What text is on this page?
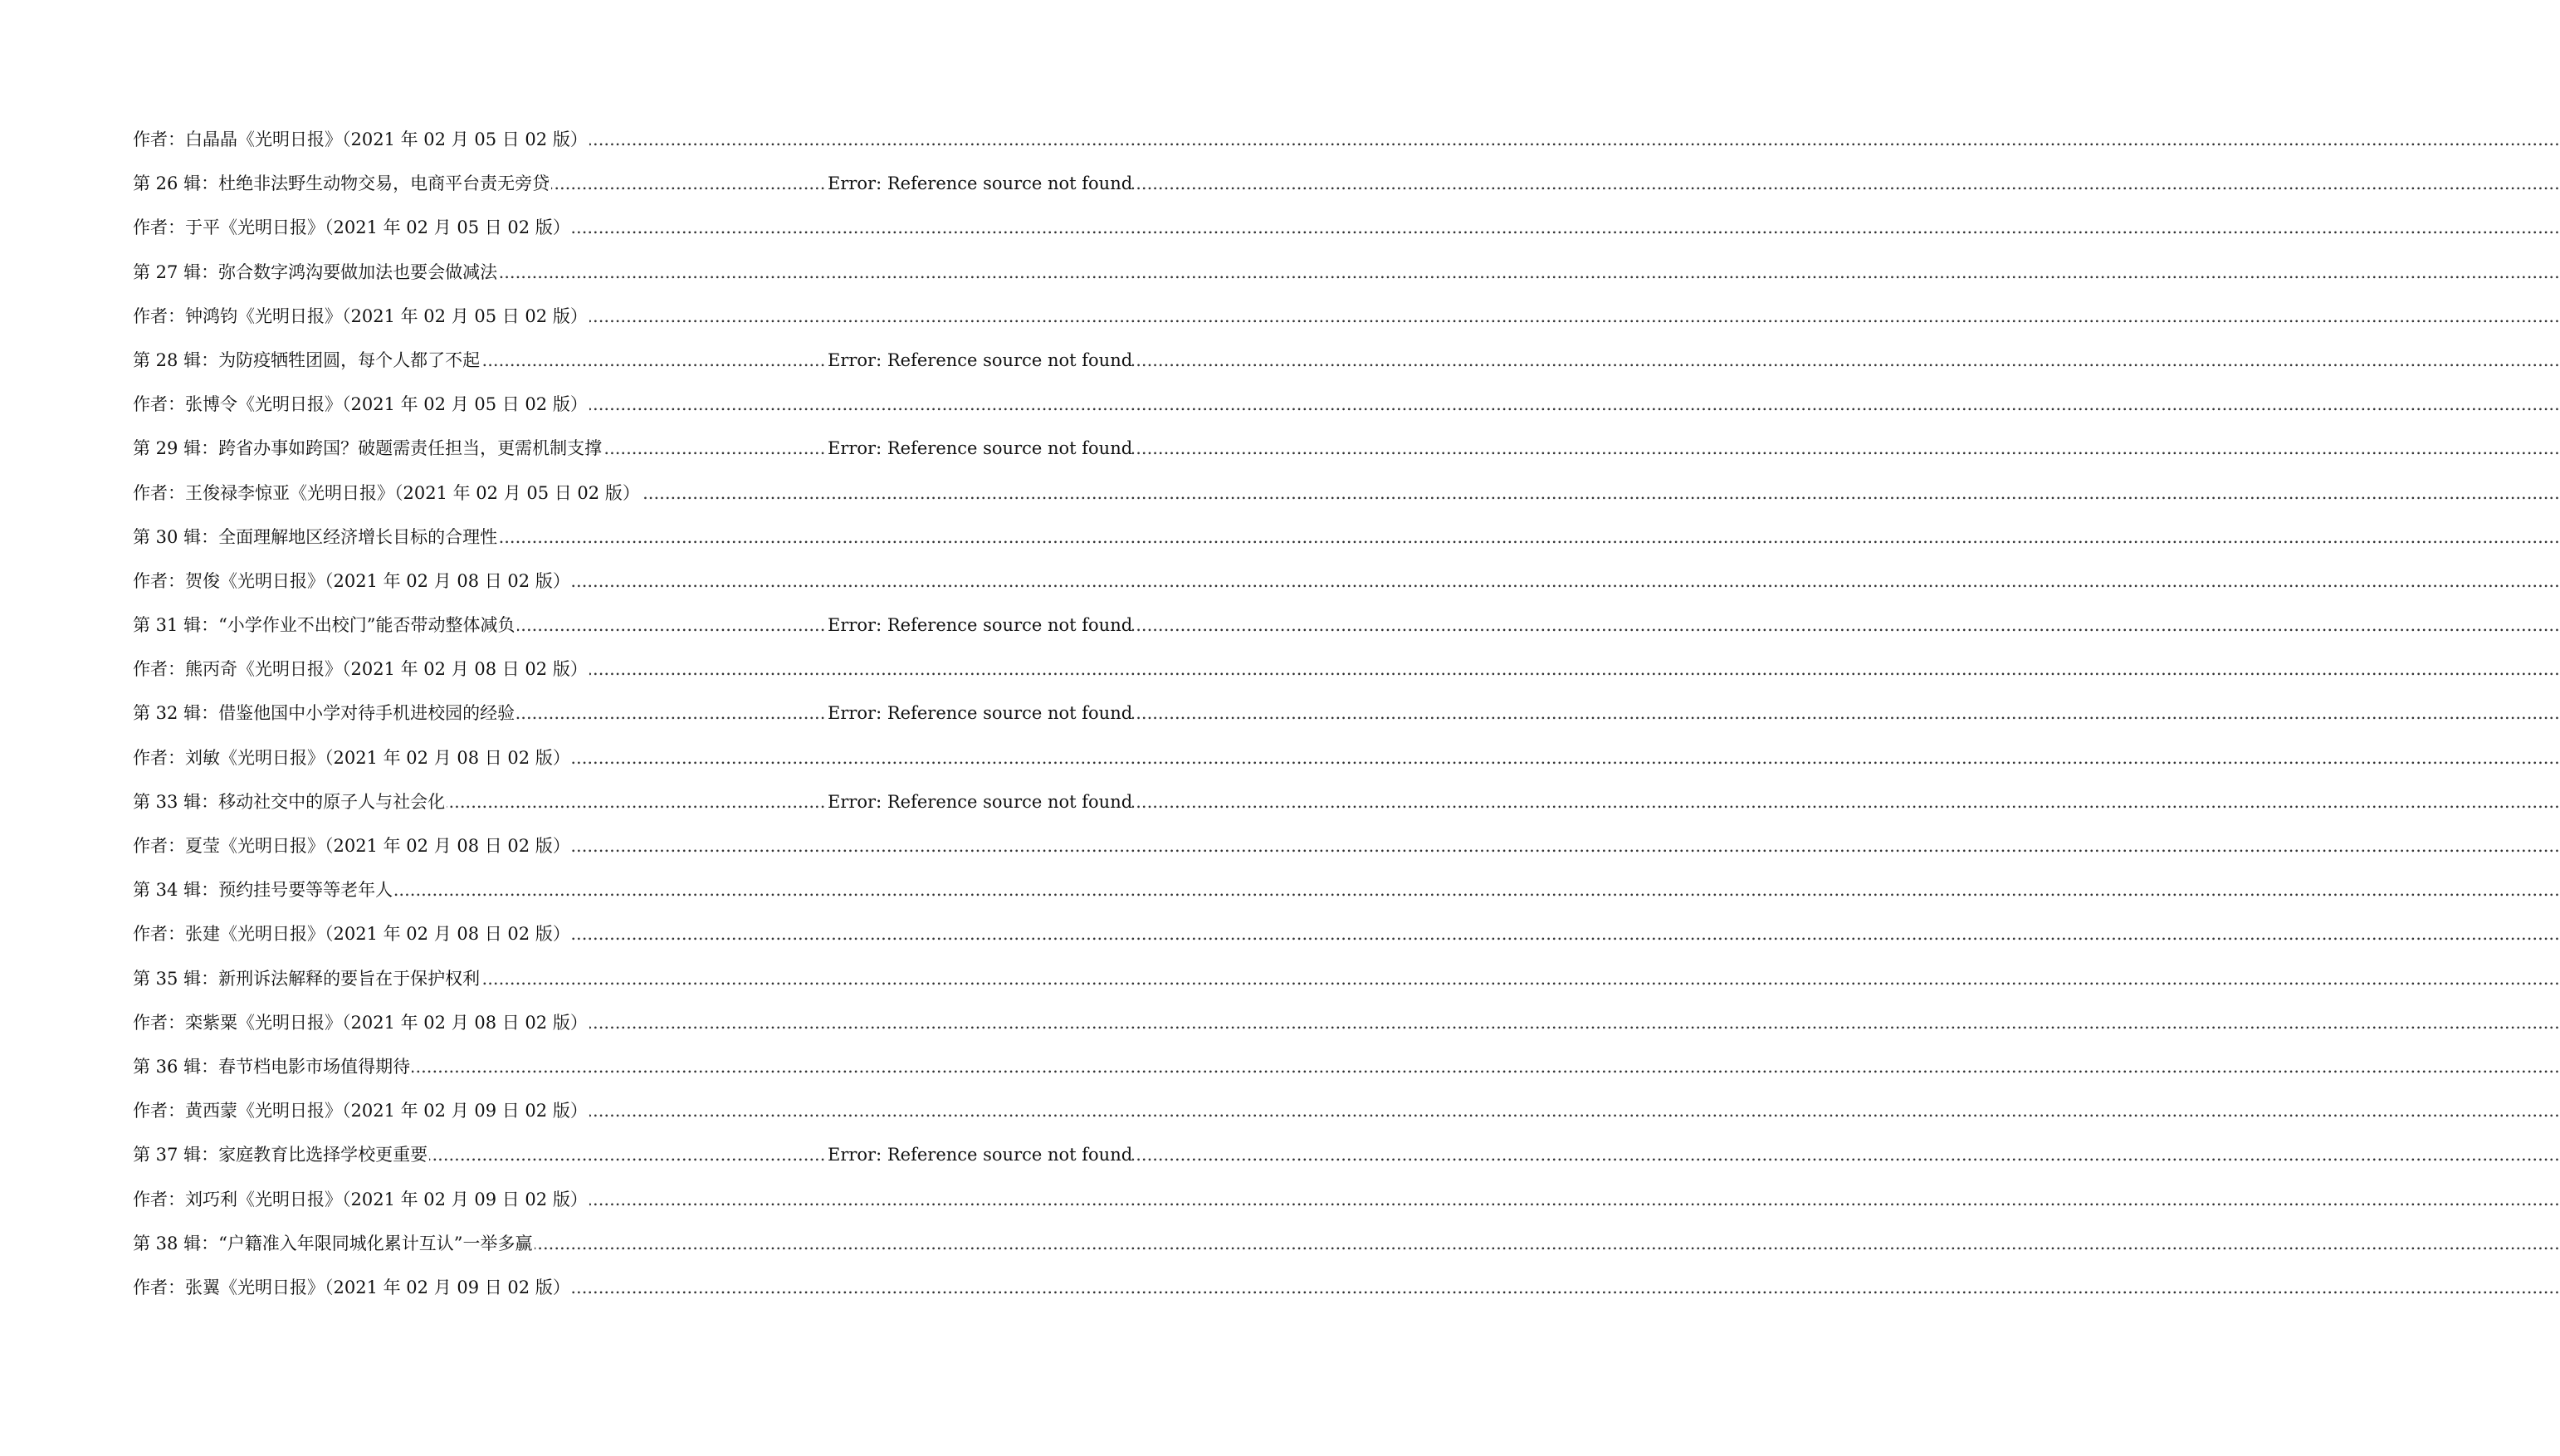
.....
作者：白晶晶《光明日报》（2021 年 02 月 05 日 02 版）
.....
第 26 辑：杜绝非法野生动物交易，电商平台责无旁贷	Error: Reference source not found
.....
作者：于平《光明日报》（2021 年 02 月 05 日 02 版）
.....
第 27 辑：弥合数字鸿沟要做加法也要会做减法
.....
作者：钟鸿钧《光明日报》（2021 年 02 月 05 日 02 版）
.....
第 28 辑：为防疫牺牲团圆，每个人都了不起	Error: Reference source not found
.....
作者：张博令《光明日报》（2021 年 02 月 05 日 02 版）
.....
第 29 辑：跨省办事如跨国？破题需责任担当，更需机制支撑	Error: Reference source not found
.....
作者：王俊禄李惊亚《光明日报》（2021 年 02 月 05 日 02 版）
.....
第 30 辑：全面理解地区经济增长目标的合理性
.....
作者：贺俊《光明日报》（2021 年 02 月 08 日 02 版）
.....
第 31 辑：“小学作业不出校门”能否带动整体减负	Error: Reference source not found
.....
作者：熊丙奇《光明日报》（2021 年 02 月 08 日 02 版）
.....
第 32 辑：借鉴他国中小学对待手机进校园的经验	Error: Reference source not found
.....
作者：刘敏《光明日报》（2021 年 02 月 08 日 02 版）
.....
第 33 辑：移动社交中的原子人与社会化	Error: Reference source not found
.....
作者：夏莹《光明日报》（2021 年 02 月 08 日 02 版）
.....
第 34 辑：预约挂号要等等老年人
.....
作者：张建《光明日报》（2021 年 02 月 08 日 02 版）
.....
第 35 辑：新刑诉法解释的要旨在于保护权利
.....
作者：栾紫粟《光明日报》（2021 年 02 月 08 日 02 版）
.....
第 36 辑：春节档电影市场值得期待
.....
作者：黄西蒙《光明日报》（2021 年 02 月 09 日 02 版）
.....
第 37 辑：家庭教育比选择学校更重要	Error: Reference source not found
.....
作者：刘巧利《光明日报》（2021 年 02 月 09 日 02 版）
.....
第 38 辑：“户籍准入年限同城化累计互认”一举多赢
.....
作者：张翼《光明日报》（2021 年 02 月 09 日 02 版）
